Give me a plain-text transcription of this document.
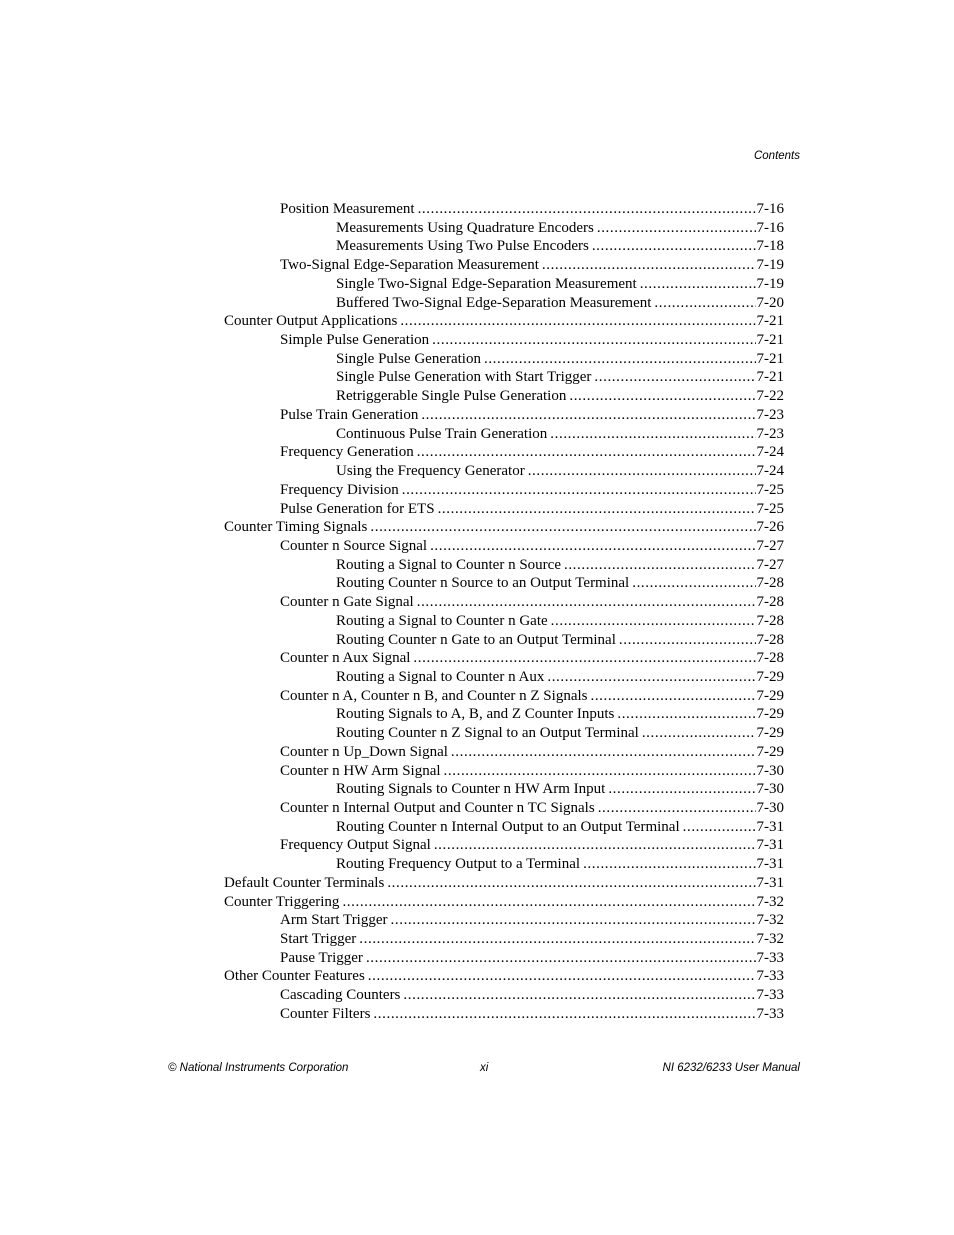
Contents
Position Measurement .....	7-16
Measurements Using Quadrature Encoders .....	7-16
Measurements Using Two Pulse Encoders .....	7-18
Two-Signal Edge-Separation Measurement .....	7-19
Single Two-Signal Edge-Separation Measurement .....	7-19
Buffered Two-Signal Edge-Separation Measurement .....	7-20
Counter Output Applications .....	7-21
Simple Pulse Generation .....	7-21
Single Pulse Generation .....	7-21
Single Pulse Generation with Start Trigger .....	7-21
Retriggerable Single Pulse Generation .....	7-22
Pulse Train Generation .....	7-23
Continuous Pulse Train Generation .....	7-23
Frequency Generation .....	7-24
Using the Frequency Generator .....	7-24
Frequency Division .....	7-25
Pulse Generation for ETS .....	7-25
Counter Timing Signals .....	7-26
Counter n Source Signal .....	7-27
Routing a Signal to Counter n Source .....	7-27
Routing Counter n Source to an Output Terminal .....	7-28
Counter n Gate Signal .....	7-28
Routing a Signal to Counter n Gate .....	7-28
Routing Counter n Gate to an Output Terminal .....	7-28
Counter n Aux Signal .....	7-28
Routing a Signal to Counter n Aux .....	7-29
Counter n A, Counter n B, and Counter n Z Signals .....	7-29
Routing Signals to A, B, and Z Counter Inputs .....	7-29
Routing Counter n Z Signal to an Output Terminal .....	7-29
Counter n Up_Down Signal .....	7-29
Counter n HW Arm Signal .....	7-30
Routing Signals to Counter n HW Arm Input .....	7-30
Counter n Internal Output and Counter n TC Signals .....	7-30
Routing Counter n Internal Output to an Output Terminal .....	7-31
Frequency Output Signal .....	7-31
Routing Frequency Output to a Terminal .....	7-31
Default Counter Terminals .....	7-31
Counter Triggering .....	7-32
Arm Start Trigger .....	7-32
Start Trigger .....	7-32
Pause Trigger .....	7-33
Other Counter Features .....	7-33
Cascading Counters .....	7-33
Counter Filters .....	7-33
© National Instruments Corporation	xi	NI 6232/6233 User Manual
